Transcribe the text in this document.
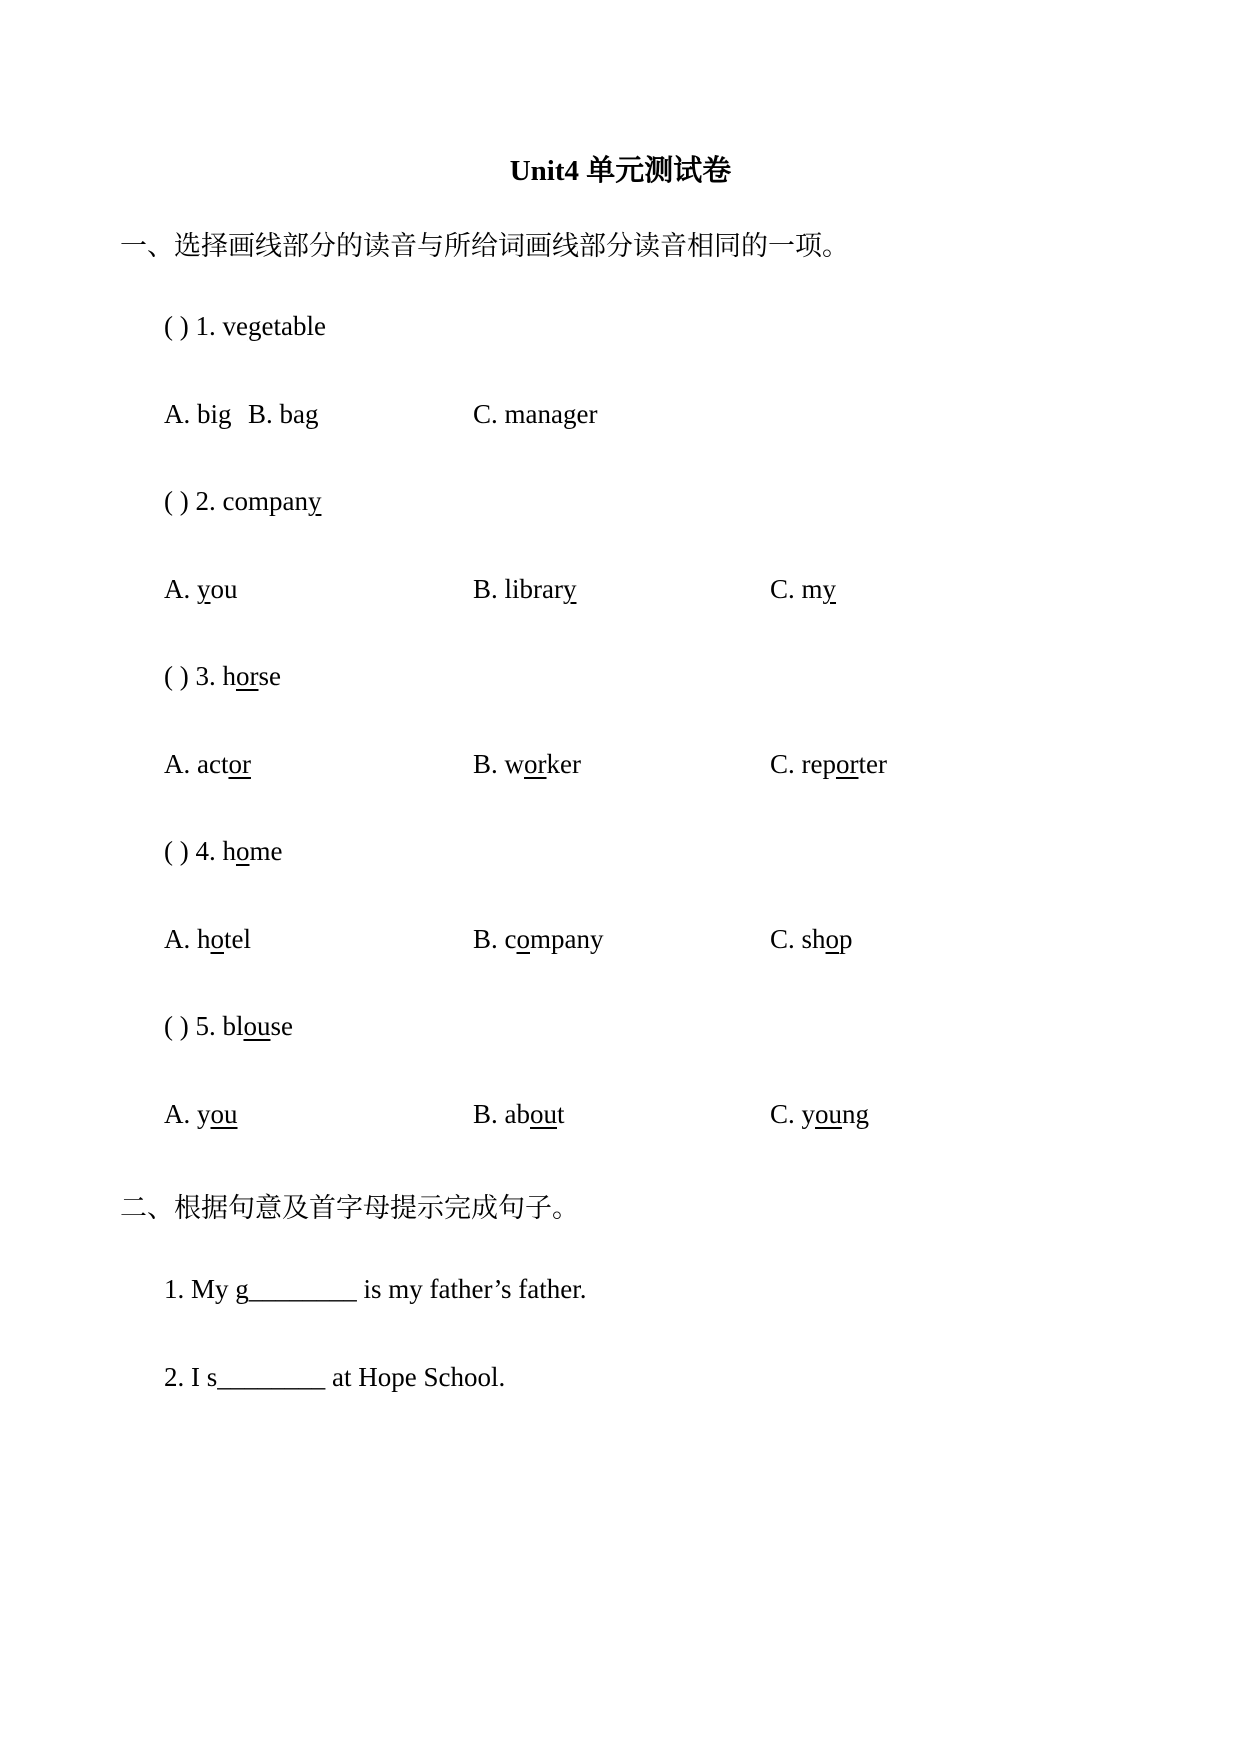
Unit4 单元测试卷
一、选择画线部分的读音与所给词画线部分读音相同的一项。
( ) 1. vegetable
A. big B. bag	C. manager
( ) 2. company
A. you	B. library	C. my
( ) 3. horse
A. actor	B. worker	C. reporter
( ) 4. home
A. hotel	B. company	C. shop
( ) 5. blouse
A. you	B. about	C. young
二、根据句意及首字母提示完成句子。
1. My g________ is my father’s father.
2. I s________ at Hope School.
